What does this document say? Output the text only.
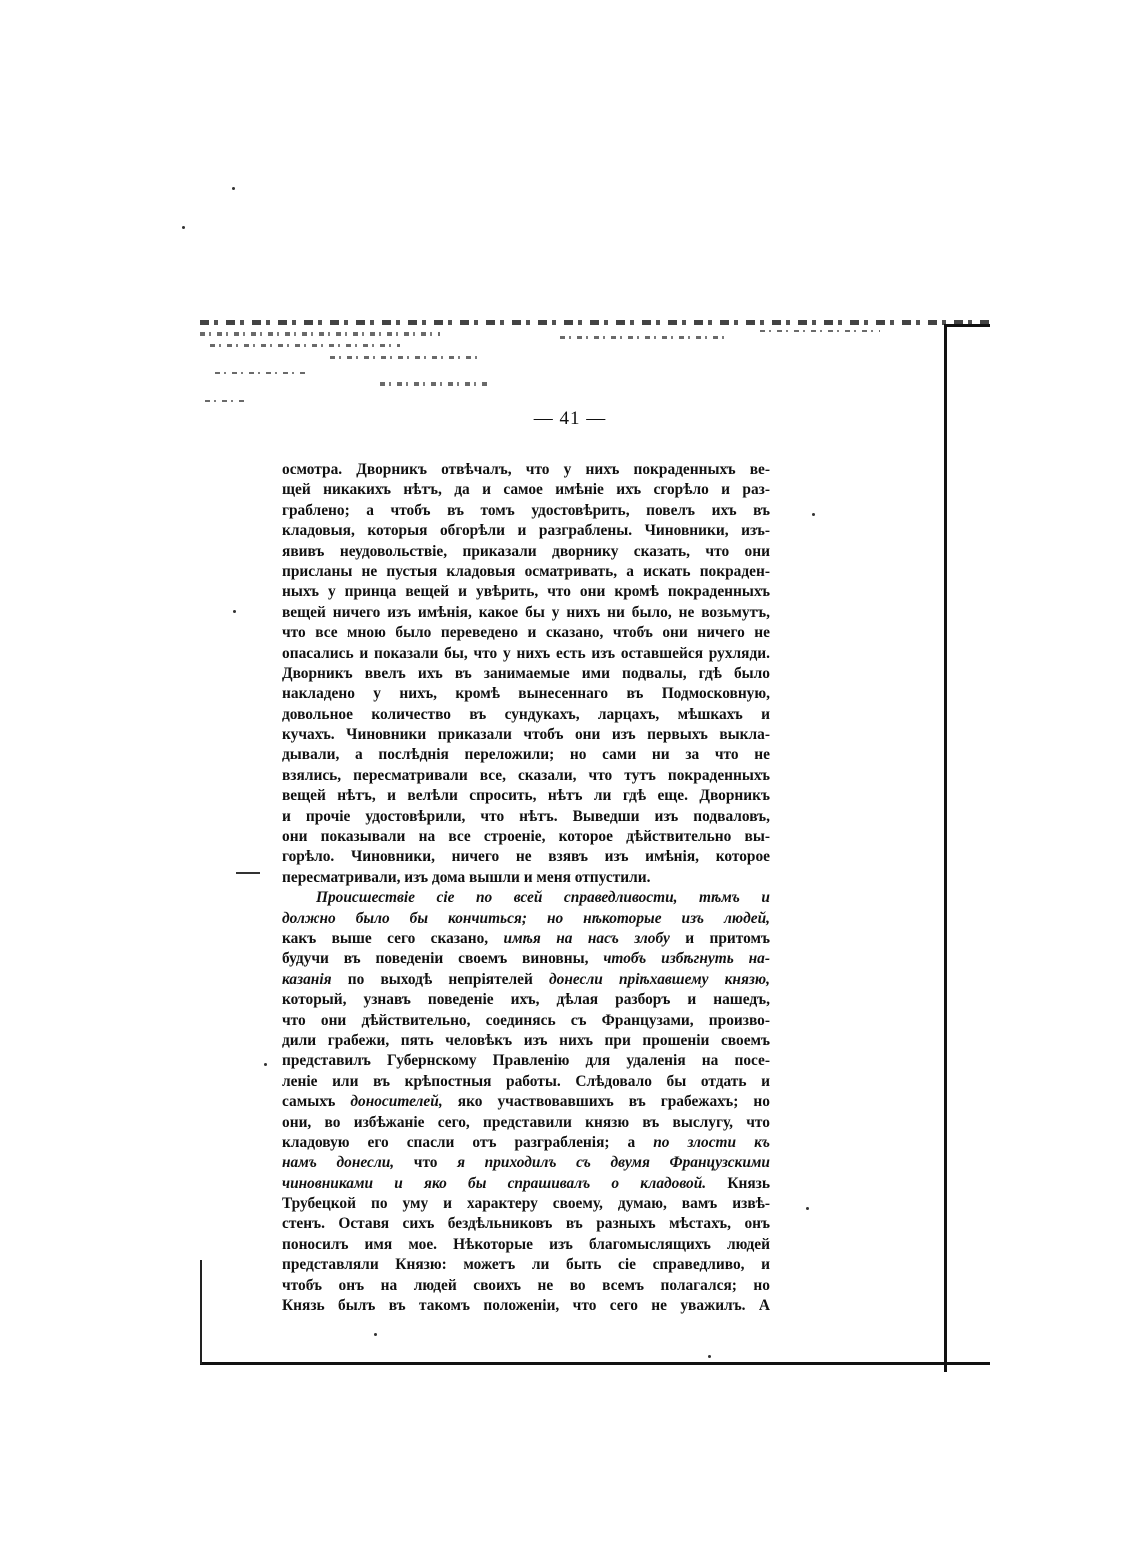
— 41 —
осмотра. Дворникъ отвѣчалъ, что у нихъ покраденныхъ ве-
щей никакихъ нѣтъ, да и самое имѣніе ихъ сгорѣло и раз-
граблено; а чтобъ въ томъ удостовѣрить, повелъ ихъ въ
кладовыя, которыя обгорѣли и разграблены. Чиновники, изъ-
явивъ неудовольствіе, приказали дворнику сказать, что они
присланы не пустыя кладовыя осматривать, а искать покраден-
ныхъ у принца вещей и увѣрить, что они кромѣ покраденныхъ
вещей ничего изъ имѣнія, какое бы у нихъ ни было, не возьмутъ,
что все мною было переведено и сказано, чтобъ они ничего не
опасались и показали бы, что у нихъ есть изъ оставшейся рухляди.
Дворникъ ввелъ ихъ въ занимаемые ими подвалы, гдѣ было
накладено у нихъ, кромѣ вынесеннаго въ Подмосковную,
довольное количество въ сундукахъ, ларцахъ, мѣшкахъ и
кучахъ. Чиновники приказали чтобъ они изъ первыхъ выкла-
дывали, а послѣднія переложили; но сами ни за что не
взялись, пересматривали все, сказали, что тутъ покраденныхъ
вещей нѣтъ, и велѣли спросить, нѣтъ ли гдѣ еще. Дворникъ
и прочіе удостовѣрили, что нѣтъ. Выведши изъ подваловъ,
они показывали на все строеніе, которое дѣйствительно вы-
горѣло. Чиновники, ничего не взявъ изъ имѣнія, которое
пересматривали, изъ дома вышли и меня отпустили.
Происшествіе сіе по всей справедливости, тѣмъ и
должно было бы кончиться; но нѣкоторые изъ людей,
какъ выше сего сказано, имѣя на насъ злобу и притомъ
будучи въ поведеніи своемъ виновны, чтобъ избѣгнуть на-
казанія по выходѣ непріятелей донесли пріѣхавшему князю,
который, узнавъ поведеніе ихъ, дѣлая разборъ и нашедъ,
что они дѣйствительно, соединясь съ Французами, произво-
дили грабежи, пять человѣкъ изъ нихъ при прошеніи своемъ
представилъ Губернскому Правленію для удаленія на посе-
леніе или въ крѣпостныя работы. Слѣдовало бы отдать и
самыхъ доносителей, яко участвовавшихъ въ грабежахъ; но
они, во избѣжаніе сего, представили князю въ выслугу, что
кладовую его спасли отъ разграбленія; а по злости къ
намъ донесли, что я приходилъ съ двумя Французскими
чиновниками и яко бы спрашивалъ о кладовой. Князь
Трубецкой по уму и характеру своему, думаю, вамъ извѣ-
стенъ. Оставя сихъ бездѣльниковъ въ разныхъ мѣстахъ, онъ
поносилъ имя мое. Нѣкоторые изъ благомыслящихъ людей
представляли Князю: можетъ ли быть сіе справедливо, и
чтобъ онъ на людей своихъ не во всемъ полагался; но
Князь былъ въ такомъ положеніи, что сего не уважилъ. А
